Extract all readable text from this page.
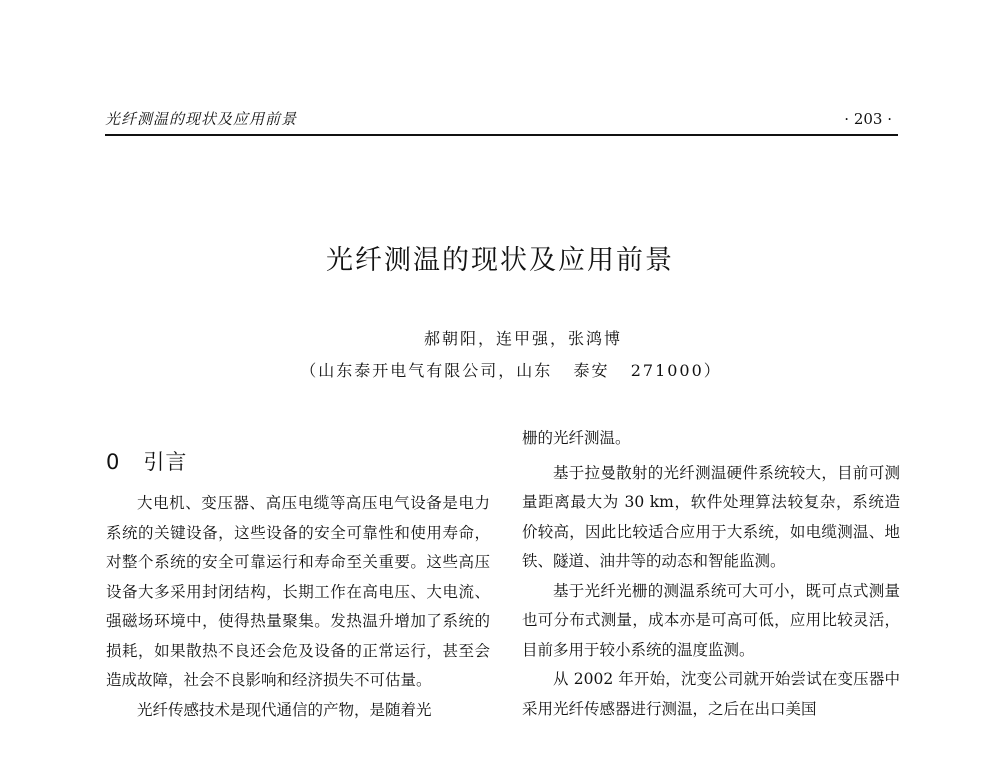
光纤测温的现状及应用前景	· 203 ·
光纤测温的现状及应用前景
郝朝阳，连甲强，张鸿博
（山东泰开电气有限公司，山东   泰安   271000）
0 引言

大电机、变压器、高压电缆等高压电气设备是电力系统的关键设备，这些设备的安全可靠性和使用寿命，对整个系统的安全可靠运行和寿命至关重要。这些高压设备大多采用封闭结构，长期工作在高电压、大电流、强磁场环境中，使得热量聚集。发热温升增加了系统的损耗，如果散热不良还会危及设备的正常运行，甚至会造成故障，社会不良影响和经济损失不可估量。

光纤传感技术是现代通信的产物，是随着光

栅的光纤测温。

基于拉曼散射的光纤测温硬件系统较大，目前可测量距离最大为 30 km，软件处理算法较复杂，系统造价较高，因此比较适合应用于大系统，如电缆测温、地铁、隧道、油井等的动态和智能监测。

基于光纤光栅的测温系统可大可小，既可点式测量也可分布式测量，成本亦是可高可低，应用比较灵活，目前多用于较小系统的温度监测。

从 2002 年开始，沈变公司就开始尝试在变压器中采用光纤传感器进行测温，之后在出口美国
